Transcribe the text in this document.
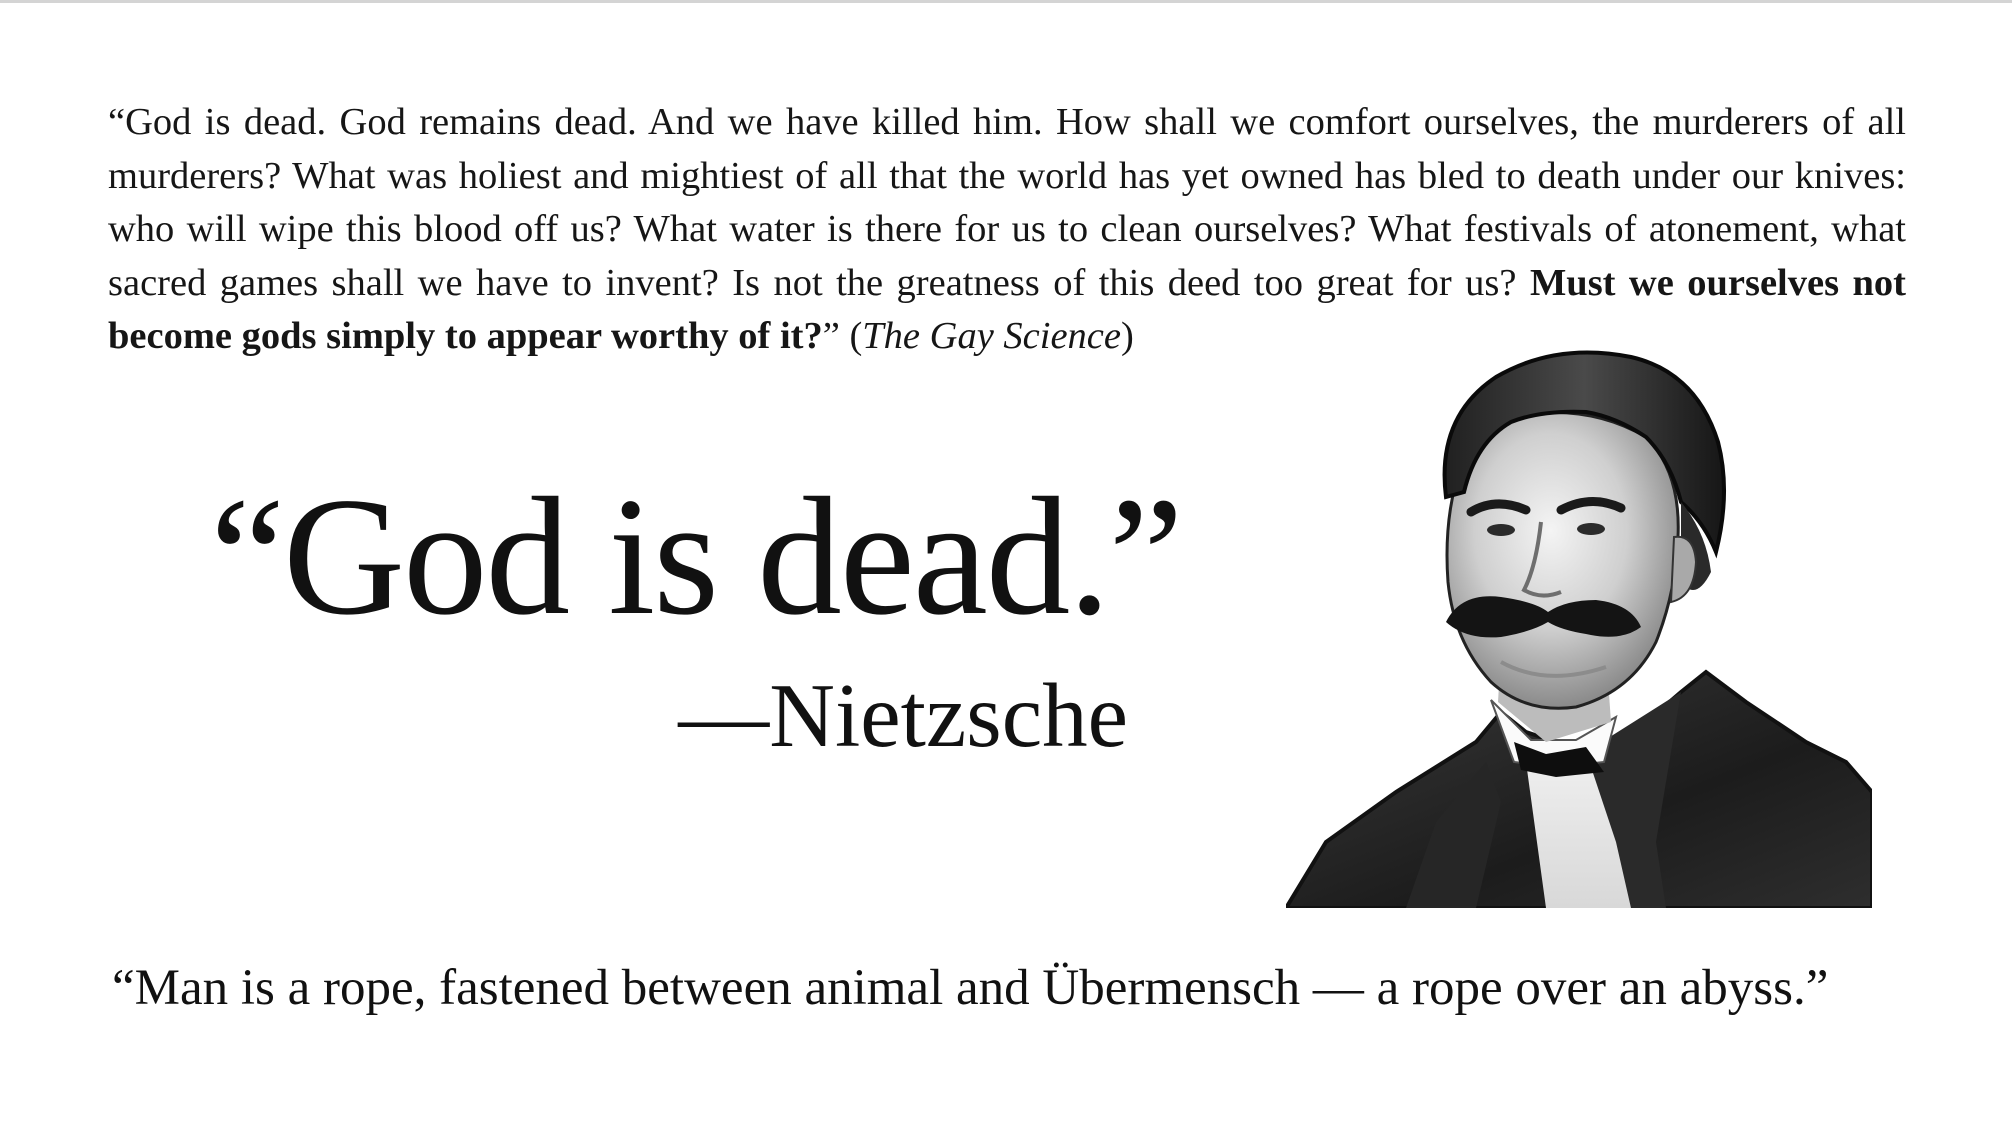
“God is dead. God remains dead. And we have killed him. How shall we comfort ourselves, the murderers of all murderers? What was holiest and mightiest of all that the world has yet owned has bled to death under our knives: who will wipe this blood off us? What water is there for us to clean ourselves? What festivals of atonement, what sacred games shall we have to invent? Is not the greatness of this deed too great for us? Must we ourselves not become gods simply to appear worthy of it?” (The Gay Science)

“God is dead.”
—Nietzsche
“Man is a rope, fastened between animal and Übermensch — a rope over an abyss.”
